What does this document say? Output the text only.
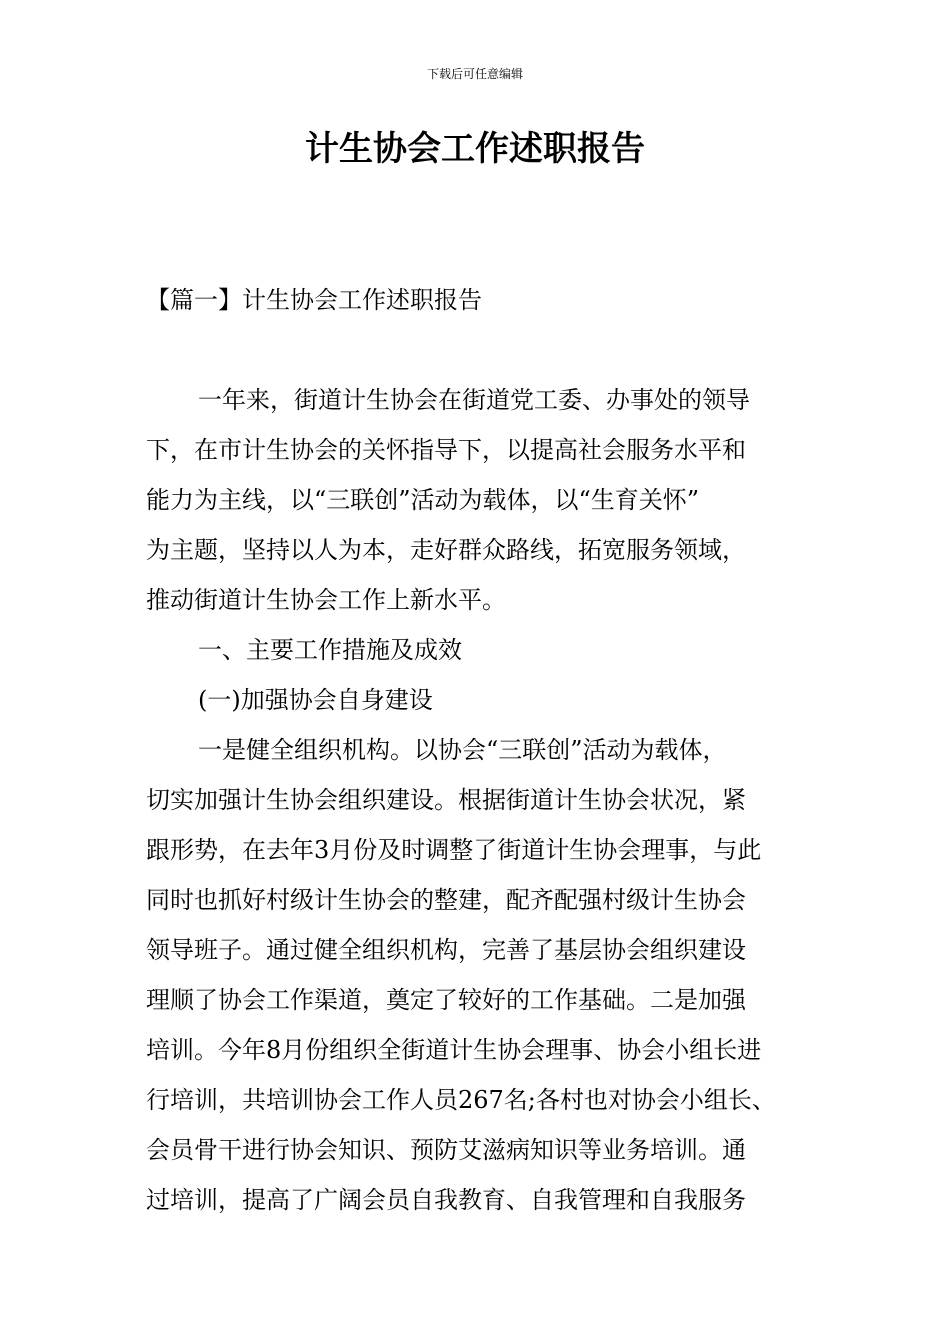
下载后可任意编辑
计生协会工作述职报告
【篇一】计生协会工作述职报告
一年来，街道计生协会在街道党工委、办事处的领导
下，在市计生协会的关怀指导下，以提高社会服务水平和
能力为主线，以“三联创”活动为载体，以“生育关怀”
为主题，坚持以人为本，走好群众路线，拓宽服务领域，
推动街道计生协会工作上新水平。
一、主要工作措施及成效
(一)加强协会自身建设
一是健全组织机构。以协会“三联创”活动为载体，
切实加强计生协会组织建设。根据街道计生协会状况，紧
跟形势，在去年3月份及时调整了街道计生协会理事，与此
同时也抓好村级计生协会的整建，配齐配强村级计生协会
领导班子。通过健全组织机构，完善了基层协会组织建设
理顺了协会工作渠道，奠定了较好的工作基础。二是加强
培训。今年8月份组织全街道计生协会理事、协会小组长进
行培训，共培训协会工作人员267名;各村也对协会小组长、
会员骨干进行协会知识、预防艾滋病知识等业务培训。通
过培训，提高了广阔会员自我教育、自我管理和自我服务
